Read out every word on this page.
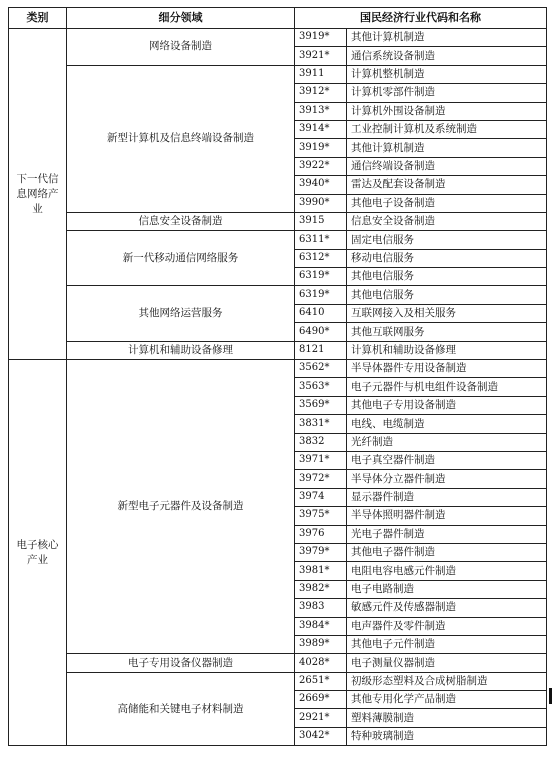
类别	细分领域	国民经济行业代码和名称	
下一代信息网络产业	网络设备制造	3919*	其他计算机制造
		3921*	通信系统设备制造
	新型计算机及信息终端设备制造	3911	计算机整机制造
		3912*	计算机零部件制造
		3913*	计算机外围设备制造
		3914*	工业控制计算机及系统制造
		3919*	其他计算机制造
		3922*	通信终端设备制造
		3940*	雷达及配套设备制造
		3990*	其他电子设备制造
	信息安全设备制造	3915	信息安全设备制造
	新一代移动通信网络服务	6311*	固定电信服务
		6312*	移动电信服务
		6319*	其他电信服务
	其他网络运营服务	6319*	其他电信服务
		6410	互联网接入及相关服务
		6490*	其他互联网服务
	计算机和辅助设备修理	8121	计算机和辅助设备修理
电子核心产业	新型电子元器件及设备制造	3562*	半导体器件专用设备制造
		3563*	电子元器件与机电组件设备制造
		3569*	其他电子专用设备制造
		3831*	电线、电缆制造
		3832	光纤制造
		3971*	电子真空器件制造
		3972*	半导体分立器件制造
		3974	显示器件制造
		3975*	半导体照明器件制造
		3976	光电子器件制造
		3979*	其他电子器件制造
		3981*	电阻电容电感元件制造
		3982*	电子电路制造
		3983	敏感元件及传感器制造
		3984*	电声器件及零件制造
		3989*	其他电子元件制造
	电子专用设备仪器制造	4028*	电子测量仪器制造
	高储能和关键电子材料制造	2651*	初级形态塑料及合成树脂制造
		2669*	其他专用化学产品制造
		2921*	塑料薄膜制造
		3042*	特种玻璃制造
